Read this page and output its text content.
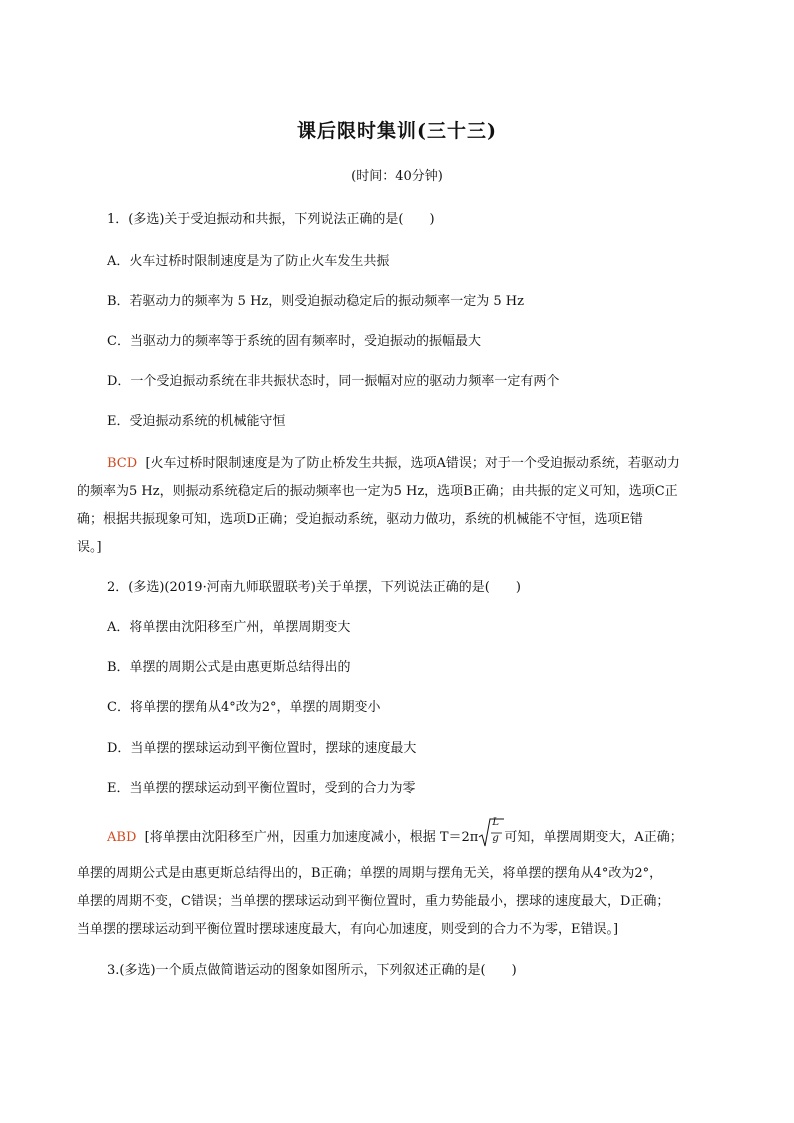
课后限时集训(三十三)
(时间：40分钟)
1．(多选)关于受迫振动和共振，下列说法正确的是(　　)
A．火车过桥时限制速度是为了防止火车发生共振
B．若驱动力的频率为 5 Hz，则受迫振动稳定后的振动频率一定为 5 Hz
C．当驱动力的频率等于系统的固有频率时，受迫振动的振幅最大
D．一个受迫振动系统在非共振状态时，同一振幅对应的驱动力频率一定有两个
E．受迫振动系统的机械能守恒
BCD [火车过桥时限制速度是为了防止桥发生共振，选项A错误；对于一个受迫振动系统，若驱动力
的频率为5 Hz，则振动系统稳定后的振动频率也一定为5 Hz，选项B正确；由共振的定义可知，选项C正
确；根据共振现象可知，选项D正确；受迫振动系统，驱动力做功，系统的机械能不守恒，选项E错
误。]
2．(多选)(2019·河南九师联盟联考)关于单摆，下列说法正确的是(　　)
A．将单摆由沈阳移至广州，单摆周期变大
B．单摆的周期公式是由惠更斯总结得出的
C．将单摆的摆角从4°改为2°，单摆的周期变小
D．当单摆的摆球运动到平衡位置时，摆球的速度最大
E．当单摆的摆球运动到平衡位置时，受到的合力为零
ABD [将单摆由沈阳移至广州，因重力加速度减小，根据 T＝2π
L
g 可知，单摆周期变大，A正确；
单摆的周期公式是由惠更斯总结得出的，B正确；单摆的周期与摆角无关，将单摆的摆角从4°改为2°，
单摆的周期不变，C错误；当单摆的摆球运动到平衡位置时，重力势能最小，摆球的速度最大，D正确；
当单摆的摆球运动到平衡位置时摆球速度最大，有向心加速度，则受到的合力不为零，E错误。]
3.(多选)一个质点做简谐运动的图象如图所示，下列叙述正确的是(　　)
